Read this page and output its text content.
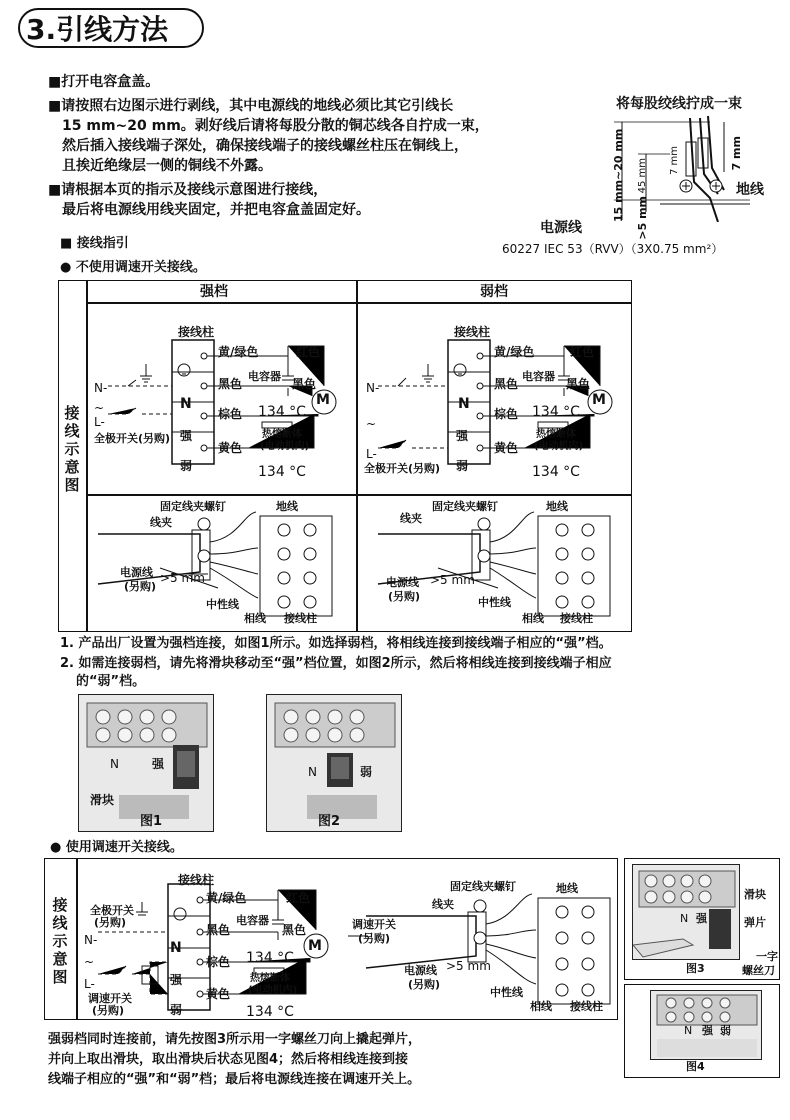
3.引线方法
■打开电容盒盖。
■请按照右边图示进行剥线，其中电源线的地线必须比其它引线长
15 mm~20 mm。剥好线后请将每股分散的铜芯线各自拧成一束，
然后插入接线端子深处，确保接线端子的接线螺丝柱压在铜线上，
且挨近绝缘层一侧的铜线不外露。
■请根据本页的指示及接线示意图进行接线，
最后将电源线用线夹固定，并把电容盒盖固定好。
将每股绞线拧成一束
15 mm~20 mm 45 mm 7 mm	7 mm
>5 mm
地线
电源线
60227 IEC 53（RVV）（3X0.75 mm²）
■ 接线指引
● 不使用调速开关接线。
接线示意图
强档	弱档
接线柱
黄/绿色	红色
电容器
黑色	黑色
M
N
棕色 134 °C
强	热熔断体
(电动机内)
黄色
弱	134 °C
N-
~
L-
全极开关(另购)
接线柱
黄/绿色	红色
电容器
黑色	黑色
M
N
棕色 134 °C
强	热熔断体
(电动机内)
黄色
弱	134 °C
N-
~
L-
全极开关(另购)
固定线夹螺钉
线夹
地线
电源线
(另购)
>5 mm
中性线
相线 接线柱
固定线夹螺钉
线夹
地线
电源线
(另购)
>5 mm
中性线
相线 接线柱
1. 产品出厂设置为强档连接，如图1所示。如选择弱档，将相线连接到接线端子相应的“强”档。
2. 如需连接弱档，请先将滑块移动至“强”档位置，如图2所示，然后将相线连接到接线端子相应
的“弱”档。
N	强
滑块
图1
N	弱
图2
● 使用调速开关接线。
接线示意图
全极开关
(另购)
接线柱
黄/绿色	红色
电容器
黑色	黑色
M
N
棕色 134 °C
强	热熔断体
(电动机内)
黄色
弱	134 °C
N-
~
L-
调速开关
(另购)
固定线夹螺钉
线夹
地线
调速开关
(另购)
电源线
(另购)
>5 mm
中性线
相线 接线柱
N 强
滑块
弹片
一字
螺丝刀
图3
N 强 弱
图4
强弱档同时连接前，请先按图3所示用一字螺丝刀向上撬起弹片，
并向上取出滑块，取出滑块后状态见图4；然后将相线连接到接
线端子相应的“强”和“弱”档；最后将电源线连接在调速开关上。
